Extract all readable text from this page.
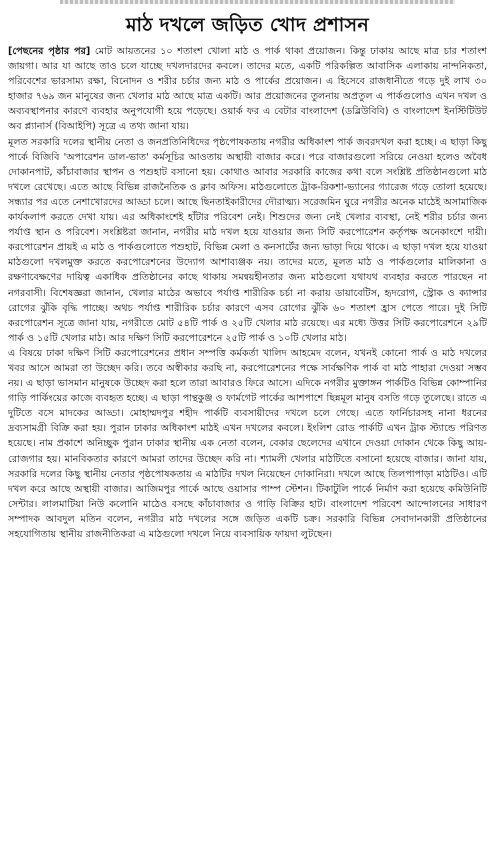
মাঠ দখলে জড়িত খোদ প্রশাসন

[পেছনের পৃষ্ঠার পর] মোট আয়তনের ১০ শতাংশ খোলা মাঠ ও পার্ক থাকা প্রয়োজন। কিন্তু ঢাকায় আছে মাত্র চার শতাংশ জায়গা। আর যা আছে তাও চলে যাচ্ছে দখলদারদের কবলে। তাদের মতে, একটি পরিকল্পিত আবাসিক এলাকায় নান্দনিকতা, পরিবেশের ভারসাম্য রক্ষা, বিনোদন ও শরীর চর্চার জন্য মাঠ ও পার্কের প্রয়োজন। এ হিসেবে রাজধানীতে গড়ে দুই লাখ ৩০ হাজার ৭৬৯ জন মানুষের জন্য খেলার মাঠ আছে মাত্র একটি। আর প্রয়োজনের তুলনায় অপ্রতুল এ পার্কগুলোও এখন দখল ও অব্যবস্থাপনার কারণে ব্যবহার অনুপযোগী হয়ে পড়েছে। ওয়ার্ক ফর এ বেটার বাংলাদেশ (ডব্লিউবিবি) ও বাংলাদেশ ইনস্টিটিউট অব প্ল্যানার্স (বিআইপি) সূত্রে এ তথ্য জানা যায়।

মূলত সরকারি দলের স্থানীয় নেতা ও জনপ্রতিনিধিদের পৃষ্ঠপোষকতায় নগরীর অধিকাংশ পার্ক জবরদখল করা হচ্ছে। এ ছাড়া কিছু পার্কে বিজিবি 'অপারেশন ডাল-ভাত' কর্মসূচির আওতায় অস্থায়ী বাজার করে। পরে বাজারগুলো সরিয়ে নেওয়া হলেও অবৈধ দোকানপাট, কাঁচাবাজার স্থাপন ও পশুহাট বসানো হয়। কোথাও আবার সরকারি কাজের কথা বলে সংশ্লিষ্ট প্রতিষ্ঠানগুলো মাঠ দখলে রেখেছে। এতে আছে বিভিন্ন রাজনৈতিক ও ক্লাব অফিস। মাঠগুলোতে ট্রাক-রিকশা-ভ্যানের গ্যারেজ গড়ে তোলা হয়েছে। সন্ধ্যার পর এতে নেশাখোরদের আড্ডা চলে। আছে ছিনতাইকারীদের দৌরাত্ম্য। সরেজমিন ঘুরে নগরীর অনেক মাঠেই অসামাজিক কার্যকলাপ করতে দেখা যায়। এর অধিকাংশেই হাঁটার পরিবেশ নেই। শিশুদের জন্য নেই খেলার ব্যবস্থা, নেই শরীর চর্চার জন্য পর্যাপ্ত স্থান ও পরিবেশ। সংশ্লিষ্টরা জানান, নগরীর মাঠ দখল হয়ে যাওয়ার জন্য সিটি করপোরেশন কর্তৃপক্ষ অনেকাংশে দায়ী। করপোরেশন প্রায়ই এ মাঠ ও পার্কগুলোতে পশুহাট, বিভিন্ন মেলা ও কনসার্টের জন্য ভাড়া দিয়ে থাকে। এ ছাড়া দখল হয়ে যাওয়া মাঠগুলো দখলমুক্ত করতে করপোরেশনের উদ্যোগ আশাব্যঞ্জক নয়। তাদের মতে, মূলত মাঠ ও পার্কগুলোর মালিকানা ও রক্ষণাবেক্ষণের দায়িত্ব একাধিক প্রতিষ্ঠানের কাছে থাকায় সমন্বয়হীনতার জন্য মাঠগুলো যথাযথ ব্যবহার করতে পারছেন না নগরবাসী। বিশেষজ্ঞরা জানান, খেলার মাঠের অভাবে পর্যাপ্ত শারীরিক চর্চা না করায় ডায়াবেটিস, হৃদরোগ, স্ট্রোক ও ক্যান্সার রোগের ঝুঁকি বৃদ্ধি পাচ্ছে। অথচ পর্যাপ্ত শারীরিক চর্চার কারণে এসব রোগের ঝুঁকি ৬০ শতাংশ হ্রাস পেতে পারে। দুই সিটি করপোরেশন সূত্রে জানা যায়, নগরীতে মোট ৫৪টি পার্ক ও ২৫টি খেলার মাঠ রয়েছে। এর মধ্যে উত্তর সিটি করপোরেশনে ২৯টি পার্ক ও ১৫টি খেলার মাঠ। আর দক্ষিণ সিটি করপোরেশনে ২৫টি পার্ক ও ১০টি খেলার মাঠ।

এ বিষয়ে ঢাকা দক্ষিণ সিটি করপোরেশনের প্রধান সম্পত্তি কর্মকর্তা খালিদ আহমেদ বলেন, যখনই কোনো পার্ক ও মাঠ দখলের খবর আসে আমরা তা উচ্ছেদ করি। তবে অস্বীকার করছি না, করপোরেশনের পক্ষে সার্বক্ষণিক পার্ক বা মাঠ পাহারা দেওয়া সম্ভব নয়। এ ছাড়া ভাসমান মানুষকে উচ্ছেদ করা হলে তারা আবারও ফিরে আসে। এদিকে নগরীর মুক্তাঙ্গন পার্কটিও বিভিন্ন কোম্পানির গাড়ি পার্কিংয়ের কাজে ব্যবহৃত হচ্ছে। এ ছাড়া পান্থকুঞ্জ ও ফার্মগেট পার্কের আশপাশে ছিন্নমূল মানুষ বসতি গড়ে তুলেছে। রাতে এ দুটিতে বসে মাদকের আড্ডা। মোহাম্মদপুর শহীদ পার্কটি ব্যবসায়ীদের দখলে চলে গেছে। এতে ফার্নিচারসহ নানা ধরনের দ্রব্যসামগ্রী বিক্রি করা হয়। পুরান ঢাকার অধিকাংশ মাঠই এখন দখলের কবলে। ইংলিশ রোড পার্কটি এখন ট্রাক স্ট্যান্ডে পরিণত হয়েছে। নাম প্রকাশে অনিচ্ছুক পুরান ঢাকার স্থানীয় এক নেতা বলেন, বেকার ছেলেদের এখানে দেওয়া দোকান থেকে কিছু আয়-রোজগার হয়। মানবিকতার কারণে আমরা তাদের উচ্ছেদ করি না। শ্যামলী খেলার মাঠটিতে বসানো হয়েছে বাজার। জানা যায়, সরকারি দলের কিছু স্থানীয় নেতার পৃষ্ঠপোষকতায় এ মাঠটির দখল নিয়েছেন দোকানিরা। দখলে আছে তিলপাপাড়া মাঠটিও। এটি দখল করে আছে অস্থায়ী বাজার। আজিমপুর পার্কে আছে ওয়াসার পাম্প স্টেশন। টিকাটুলি পার্কে নির্মাণ করা হয়েছে কমিউনিটি সেন্টার। লালমাটিয়া নিউ কলোনি মাঠেও বসছে কাঁচাবাজার ও গাড়ি বিক্রির হাট। বাংলাদেশ পরিবেশ আন্দোলনের সাধারণ সম্পাদক আবদুল মতিন বলেন, নগরীর মাঠ দখলের সঙ্গে জড়িত একটি চক্র। সরকারি বিভিন্ন সেবাদানকারী প্রতিষ্ঠানের সহযোগিতায় স্থানীয় রাজনীতিকরা এ মাঠগুলো দখলে নিয়ে ব্যবসায়িক ফায়দা লুটছেন।
